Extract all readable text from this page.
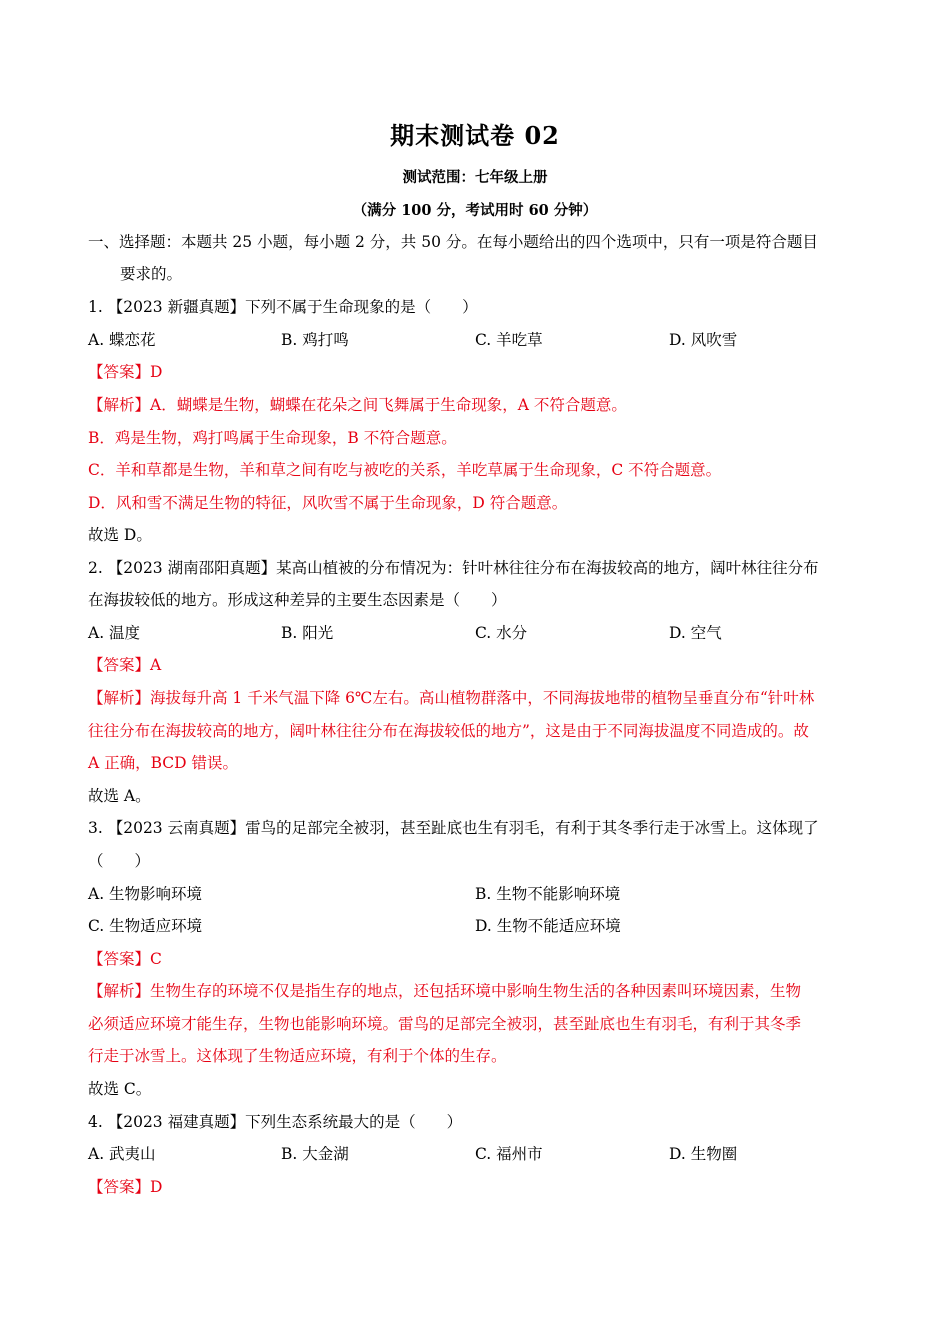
期末测试卷 02
测试范围：七年级上册
（满分 100 分，考试用时 60 分钟）
一、选择题：本题共 25 小题，每小题 2 分，共 50 分。在每小题给出的四个选项中，只有一项是符合题目
要求的。
1. 【2023 新疆真题】下列不属于生命现象的是（　　）
A. 蝶恋花	B. 鸡打鸣	C. 羊吃草	D. 风吹雪
【答案】D
【解析】A．蝴蝶是生物，蝴蝶在花朵之间飞舞属于生命现象，A 不符合题意。
B．鸡是生物，鸡打鸣属于生命现象，B 不符合题意。
C．羊和草都是生物，羊和草之间有吃与被吃的关系，羊吃草属于生命现象，C 不符合题意。
D．风和雪不满足生物的特征，风吹雪不属于生命现象，D 符合题意。
故选 D。
2. 【2023 湖南邵阳真题】某高山植被的分布情况为：针叶林往往分布在海拔较高的地方，阔叶林往往分布
在海拔较低的地方。形成这种差异的主要生态因素是（　　）
A. 温度	B. 阳光	C. 水分	D. 空气
【答案】A
【解析】海拔每升高 1 千米气温下降 6℃左右。高山植物群落中，不同海拔地带的植物呈垂直分布“针叶林
往往分布在海拔较高的地方，阔叶林往往分布在海拔较低的地方”，这是由于不同海拔温度不同造成的。故
A 正确，BCD 错误。
故选 A。
3. 【2023 云南真题】雷鸟的足部完全被羽，甚至趾底也生有羽毛，有利于其冬季行走于冰雪上。这体现了
（　　）
A. 生物影响环境	B. 生物不能影响环境
C. 生物适应环境	D. 生物不能适应环境
【答案】C
【解析】生物生存的环境不仅是指生存的地点，还包括环境中影响生物生活的各种因素叫环境因素，生物
必须适应环境才能生存，生物也能影响环境。雷鸟的足部完全被羽，甚至趾底也生有羽毛，有利于其冬季
行走于冰雪上。这体现了生物适应环境，有利于个体的生存。
故选 C。
4. 【2023 福建真题】下列生态系统最大的是（　　）
A. 武夷山	B. 大金湖	C. 福州市	D. 生物圈
【答案】D
